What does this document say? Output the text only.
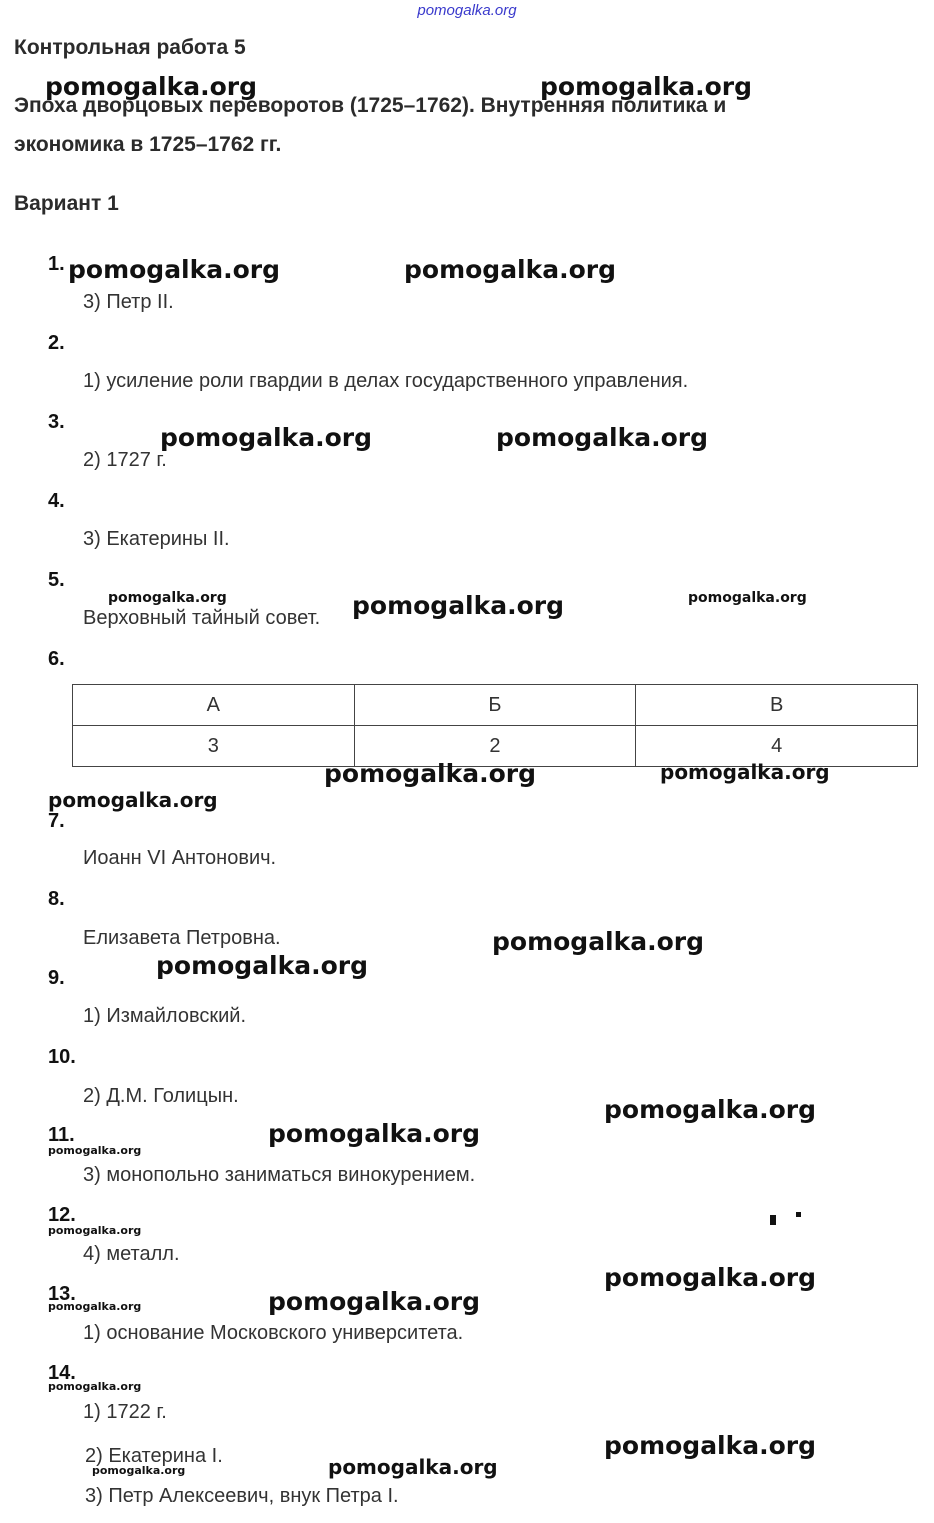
pomogalka.org
Контрольная работа 5
Эпоха дворцовых переворотов (1725–1762). Внутренняя политика и
экономика в 1725–1762 гг.
Вариант 1
1.
3) Петр II.
2.
1) усиление роли гвардии в делах государственного управления.
3.
2) 1727 г.
4.
3) Екатерины II.
5.
Верховный тайный совет.
6.
А	Б	В
3	2	4
7.
Иоанн VI Антонович.
8.
Елизавета Петровна.
9.
1) Измайловский.
10.
2) Д.М. Голицын.
11.
3) монопольно заниматься винокурением.
12.
4) металл.
13.
1) основание Московского университета.
14.
1) 1722 г.
2) Екатерина I.
3) Петр Алексеевич, внук Петра I.

pomogalka.org	pomogalka.org
pomogalka.org	pomogalka.org
pomogalka.org	pomogalka.org
pomogalka.org	pomogalka.org	pomogalka.org
pomogalka.org	pomogalka.org
pomogalka.org
pomogalka.org
pomogalka.org
pomogalka.org
pomogalka.org
pomogalka.org
pomogalka.org
pomogalka.org
pomogalka.org
pomogalka.org
pomogalka.org
pomogalka.org
pomogalka.org
pomogalka.org
